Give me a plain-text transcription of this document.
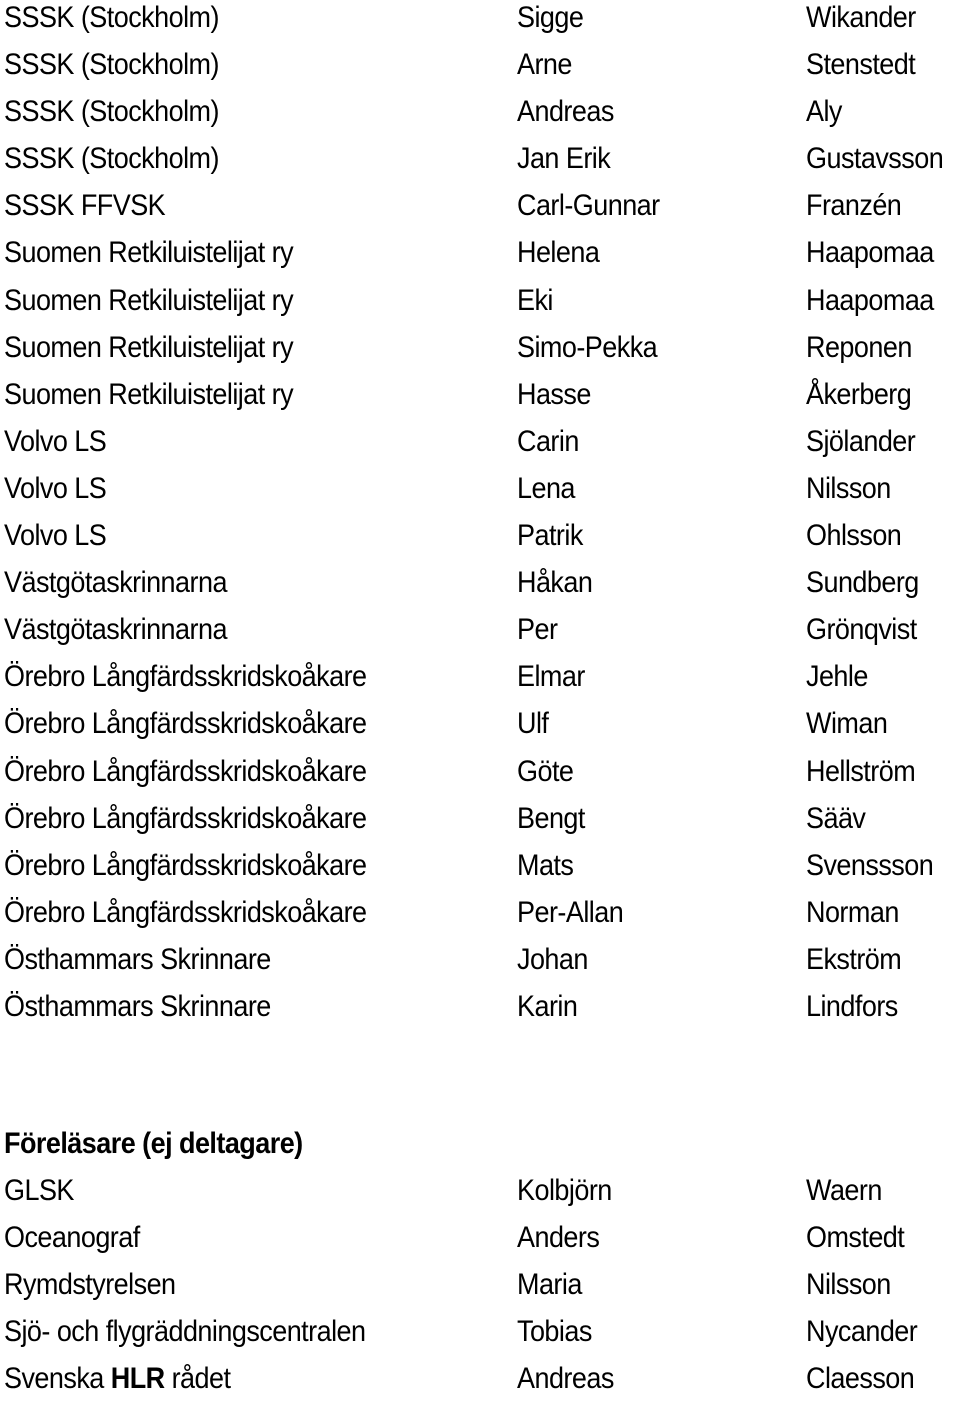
SSSK (Stockholm)	Sigge	Wikander
SSSK (Stockholm)	Arne	Stenstedt
SSSK (Stockholm)	Andreas	Aly
SSSK (Stockholm)	Jan Erik	Gustavsson
SSSK FFVSK	Carl-Gunnar	Franzén
Suomen Retkiluistelijat ry	Helena	Haapomaa
Suomen Retkiluistelijat ry	Eki	Haapomaa
Suomen Retkiluistelijat ry	Simo-Pekka	Reponen
Suomen Retkiluistelijat ry	Hasse	Åkerberg
Volvo LS	Carin	Sjölander
Volvo LS	Lena	Nilsson
Volvo LS	Patrik	Ohlsson
Västgötaskrinnarna	Håkan	Sundberg
Västgötaskrinnarna	Per	Grönqvist
Örebro Långfärdsskridskoåkare	Elmar	Jehle
Örebro Långfärdsskridskoåkare	Ulf	Wiman
Örebro Långfärdsskridskoåkare	Göte	Hellström
Örebro Långfärdsskridskoåkare	Bengt	Sääv
Örebro Långfärdsskridskoåkare	Mats	Svenssson
Örebro Långfärdsskridskoåkare	Per-Allan	Norman
Östhammars Skrinnare	Johan	Ekström
Östhammars Skrinnare	Karin	Lindfors
Föreläsare (ej deltagare)
GLSK	Kolbjörn	Waern
Oceanograf	Anders	Omstedt
Rymdstyrelsen	Maria	Nilsson
Sjö- och flygräddningscentralen	Tobias	Nycander
Svenska HLR rådet	Andreas	Claesson
